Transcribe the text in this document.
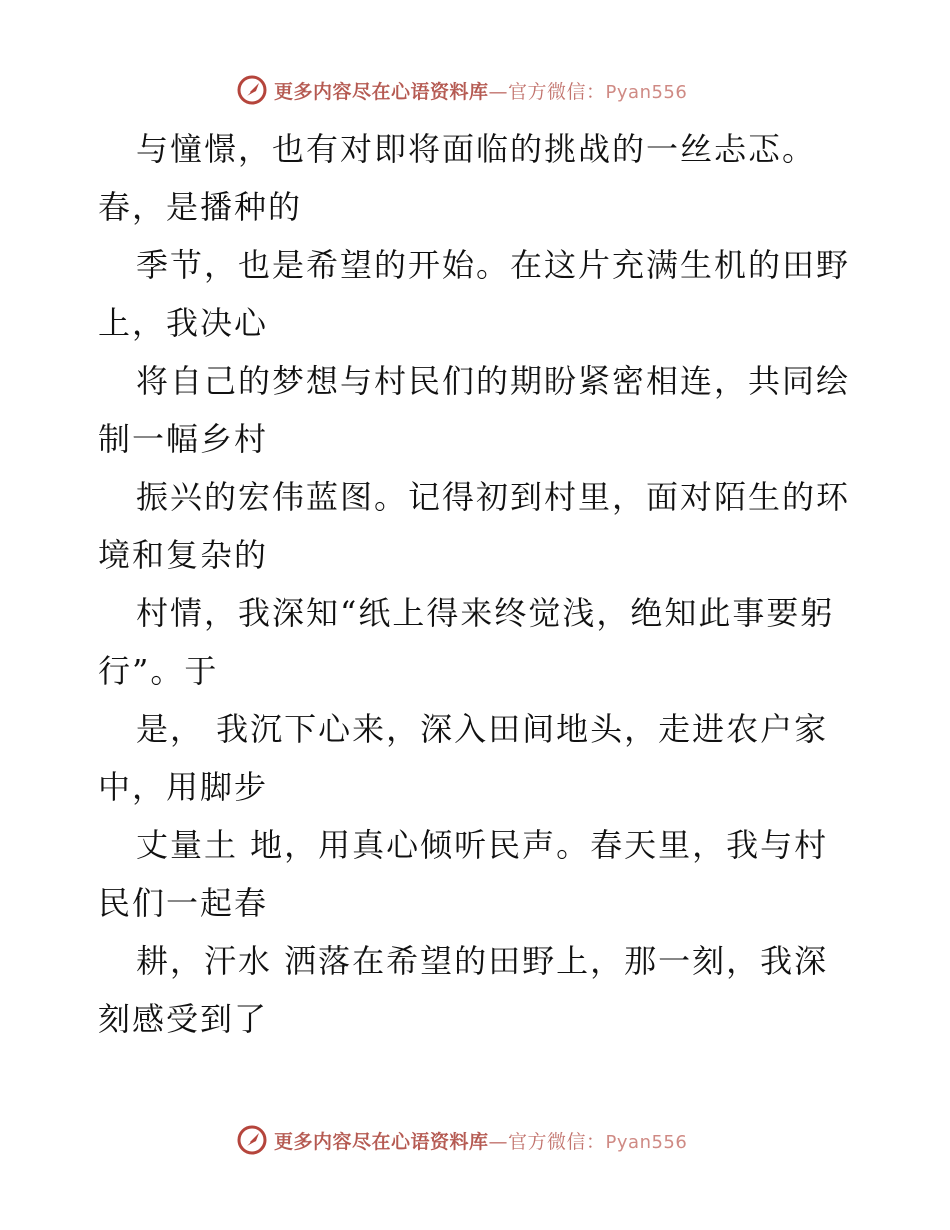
更多内容尽在心语资料库—官方微信：Pyan556
与憧憬，也有对即将面临的挑战的一丝忐忑。
春，是播种的
季节，也是希望的开始。在这片充满生机的田野
上，我决心
将自己的梦想与村民们的期盼紧密相连，共同绘
制一幅乡村
振兴的宏伟蓝图。记得初到村里，面对陌生的环
境和复杂的
村情，我深知“纸上得来终觉浅，绝知此事要躬
行”。于
是， 我沉下心来，深入田间地头，走进农户家
中，用脚步
丈量土 地，用真心倾听民声。春天里，我与村
民们一起春
耕，汗水 洒落在希望的田野上，那一刻，我深
刻感受到了
更多内容尽在心语资料库—官方微信：Pyan556
